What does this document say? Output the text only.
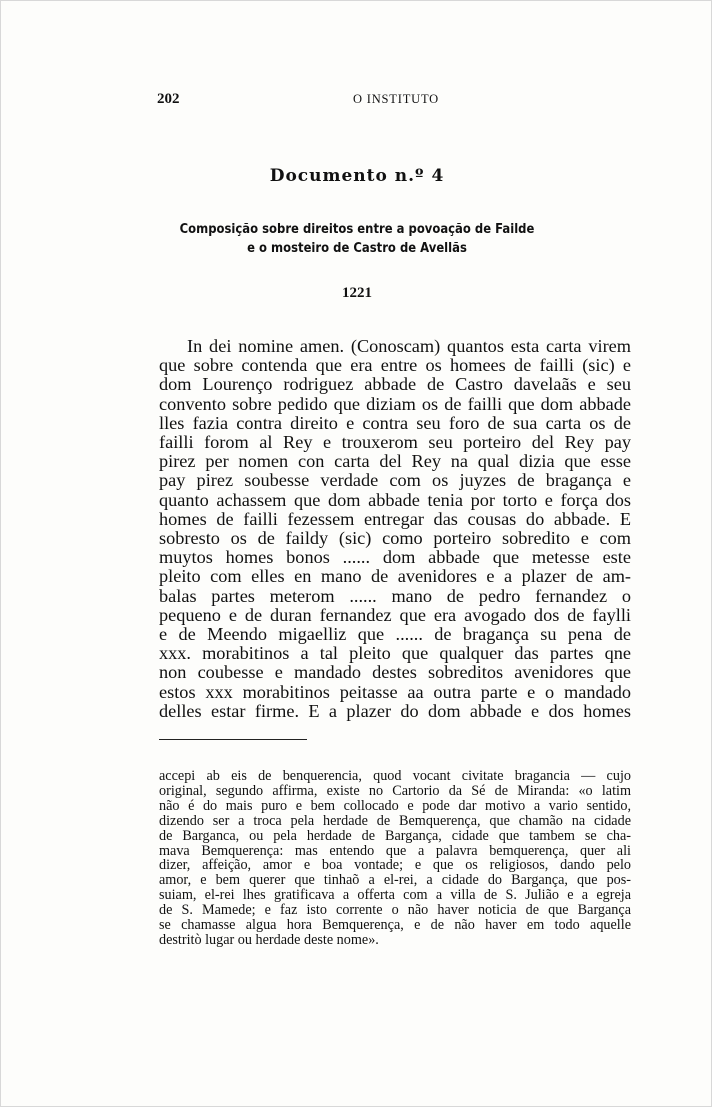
202	O INSTITUTO
Documento n.º 4
Composição sobre direitos entre a povoação de Failde
e o mosteiro de Castro de Avellãs
1221
In dei nomine amen. (Conoscam) quantos esta carta virem
que sobre contenda que era entre os homees de failli (sic) e
dom Lourenço rodriguez abbade de Castro davelaãs e seu
convento sobre pedido que diziam os de failli que dom abbade
lles fazia contra direito e contra seu foro de sua carta os de
failli forom al Rey e trouxerom seu porteiro del Rey pay
pirez per nomen con carta del Rey na qual dizia que esse
pay pirez soubesse verdade com os juyzes de bragança e
quanto achassem que dom abbade tenia por torto e força dos
homes de failli fezessem entregar das cousas do abbade. E
sobresto os de faildy (sic) como porteiro sobredito e com
muytos homes bonos ...... dom abbade que metesse este
pleito com elles en mano de avenidores e a plazer de am-
balas partes meterom ...... mano de pedro fernandez o
pequeno e de duran fernandez que era avogado dos de faylli
e de Meendo migaelliz que ...... de bragança su pena de
xxx. morabitinos a tal pleito que qualquer das partes qne
non coubesse e mandado destes sobreditos avenidores que
estos xxx morabitinos peitasse aa outra parte e o mandado
delles estar firme. E a plazer do dom abbade e dos homes
accepi ab eis de benquerencia, quod vocant civitate bragancia — cujo
original, segundo affirma, existe no Cartorio da Sé de Miranda: «o latim
não é do mais puro e bem collocado e pode dar motivo a vario sentido,
dizendo ser a troca pela herdade de Bemquerença, que chamão na cidade
de Barganca, ou pela herdade de Bargança, cidade que tambem se cha-
mava Bemquerença: mas entendo que a palavra bemquerença, quer ali
dizer, affeição, amor e boa vontade; e que os religiosos, dando pelo
amor, e bem querer que tinhaõ a el-rei, a cidade do Bargança, que pos-
suiam, el-rei lhes gratificava a offerta com a villa de S. Julião e a egreja
de S. Mamede; e faz isto corrente o não haver noticia de que Bargança
se chamasse algua hora Bemquerença, e de não haver em todo aquelle
destritò lugar ou herdade deste nome».
